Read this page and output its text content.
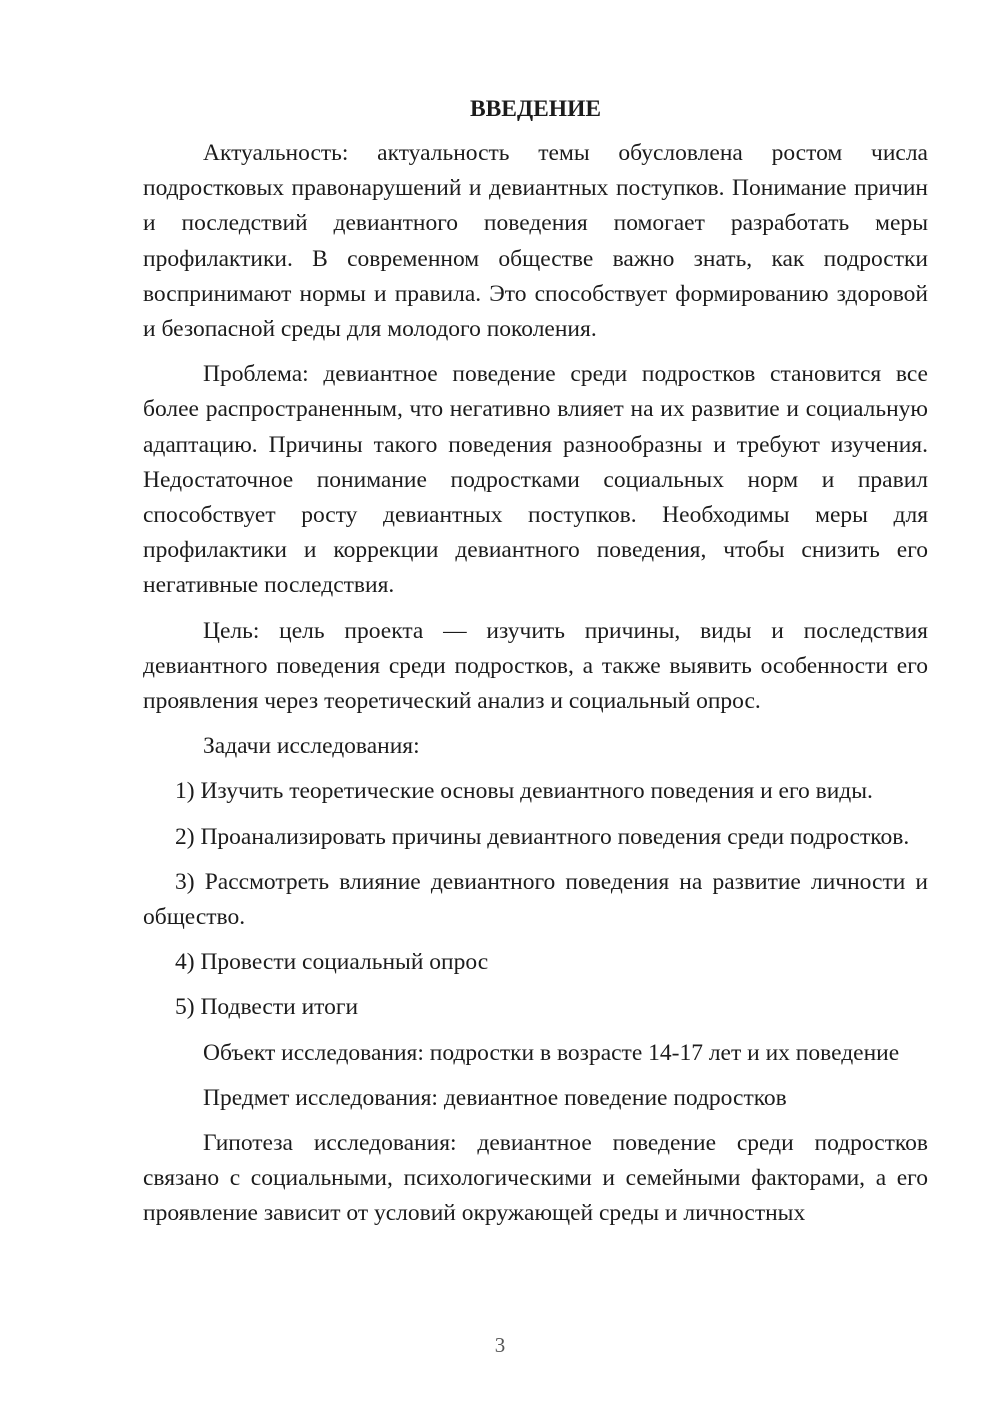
ВВЕДЕНИЕ

Актуальность: актуальность темы обусловлена ростом числа подростковых правонарушений и девиантных поступков. Понимание причин и последствий девиантного поведения помогает разработать меры профилактики. В современном обществе важно знать, как подростки воспринимают нормы и правила. Это способствует формированию здоровой и безопасной среды для молодого поколения.

Проблема: девиантное поведение среди подростков становится все более распространенным, что негативно влияет на их развитие и социальную адаптацию. Причины такого поведения разнообразны и требуют изучения. Недостаточное понимание подростками социальных норм и правил способствует росту девиантных поступков. Необходимы меры для профилактики и коррекции девиантного поведения, чтобы снизить его негативные последствия.

Цель: цель проекта — изучить причины, виды и последствия девиантного поведения среди подростков, а также выявить особенности его проявления через теоретический анализ и социальный опрос.

Задачи исследования:

1) Изучить теоретические основы девиантного поведения и его виды.

2) Проанализировать причины девиантного поведения среди подростков.

3) Рассмотреть влияние девиантного поведения на развитие личности и общество.

4) Провести социальный опрос

5) Подвести итоги

Объект исследования: подростки в возрасте 14-17 лет и их поведение

Предмет исследования: девиантное поведение подростков

Гипотеза исследования: девиантное поведение среди подростков связано с социальными, психологическими и семейными факторами, а его проявление зависит от условий окружающей среды и личностных

3
